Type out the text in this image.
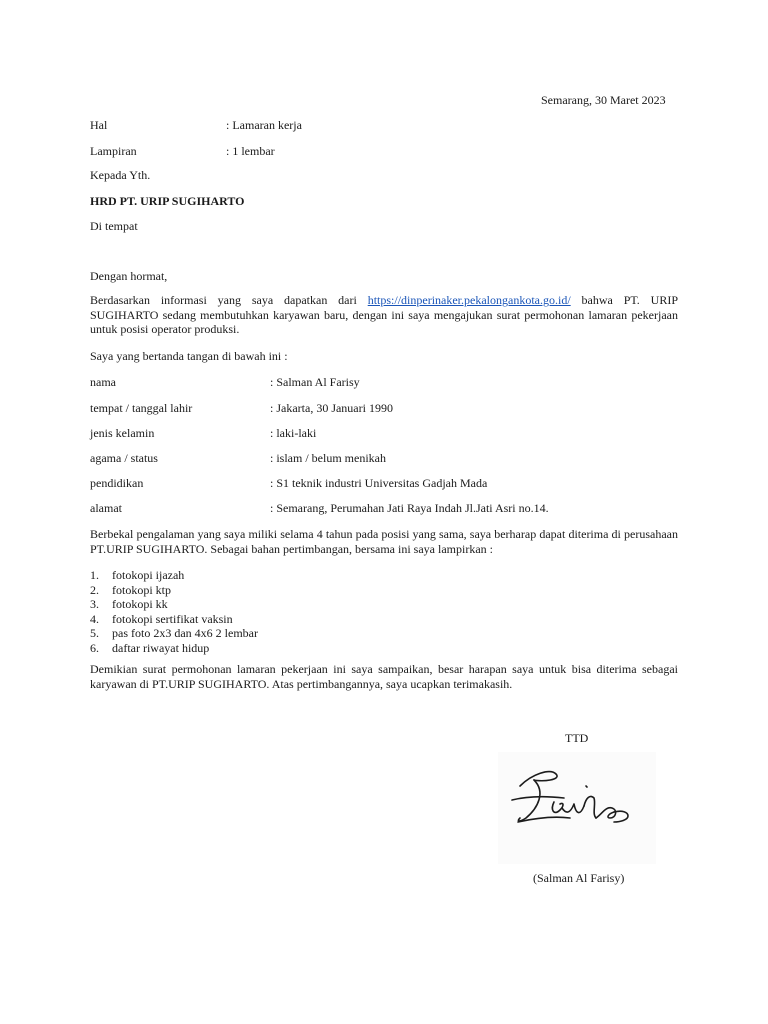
Semarang, 30 Maret 2023
Hal	: Lamaran kerja
Lampiran	: 1 lembar
Kepada Yth.
HRD PT. URIP SUGIHARTO
Di tempat
Dengan hormat,
Berdasarkan informasi yang saya dapatkan dari https://dinperinaker.pekalongankota.go.id/ bahwa PT. URIP SUGIHARTO sedang membutuhkan karyawan baru, dengan ini saya mengajukan surat permohonan lamaran pekerjaan untuk posisi operator produksi.
Saya yang bertanda tangan di bawah ini :
nama	: Salman Al Farisy
tempat / tanggal lahir	: Jakarta, 30 Januari 1990
jenis kelamin	: laki-laki
agama / status	: islam / belum menikah
pendidikan	: S1 teknik industri Universitas Gadjah Mada
alamat	: Semarang, Perumahan Jati Raya Indah Jl.Jati Asri no.14.
Berbekal pengalaman yang saya miliki selama 4 tahun pada posisi yang sama, saya berharap dapat diterima di perusahaan PT.URIP SUGIHARTO. Sebagai bahan pertimbangan, bersama ini saya lampirkan :
1. fotokopi ijazah
2. fotokopi ktp
3. fotokopi kk
4. fotokopi sertifikat vaksin
5. pas foto 2x3 dan 4x6 2 lembar
6. daftar riwayat hidup
Demikian surat permohonan lamaran pekerjaan ini saya sampaikan, besar harapan saya untuk bisa diterima sebagai karyawan di PT.URIP SUGIHARTO. Atas pertimbangannya, saya ucapkan terimakasih.
TTD
(Salman Al Farisy)
